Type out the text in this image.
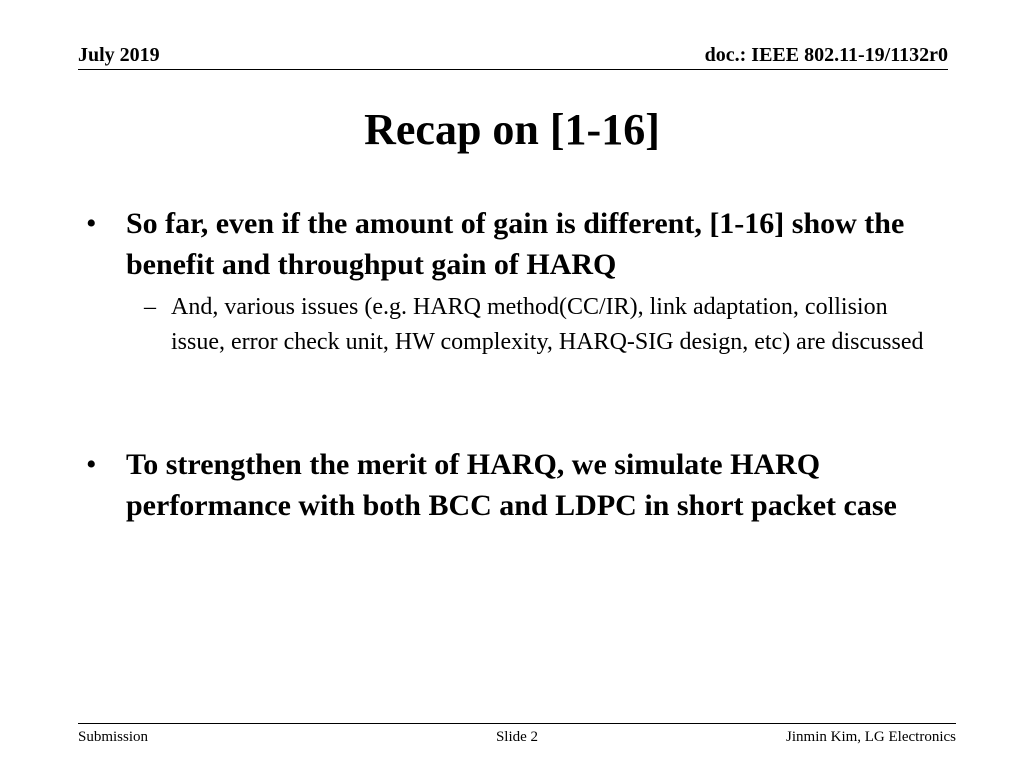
July 2019	doc.: IEEE 802.11-19/1132r0
Recap on [1-16]
• So far, even if the amount of gain is different, [1-16] show the benefit and throughput gain of HARQ
– And, various issues (e.g. HARQ method(CC/IR), link adaptation, collision issue, error check unit, HW complexity, HARQ-SIG design, etc) are discussed
• To strengthen the merit of HARQ, we simulate HARQ performance with both BCC and LDPC in short packet case
Submission	Slide 2	Jinmin Kim, LG Electronics
